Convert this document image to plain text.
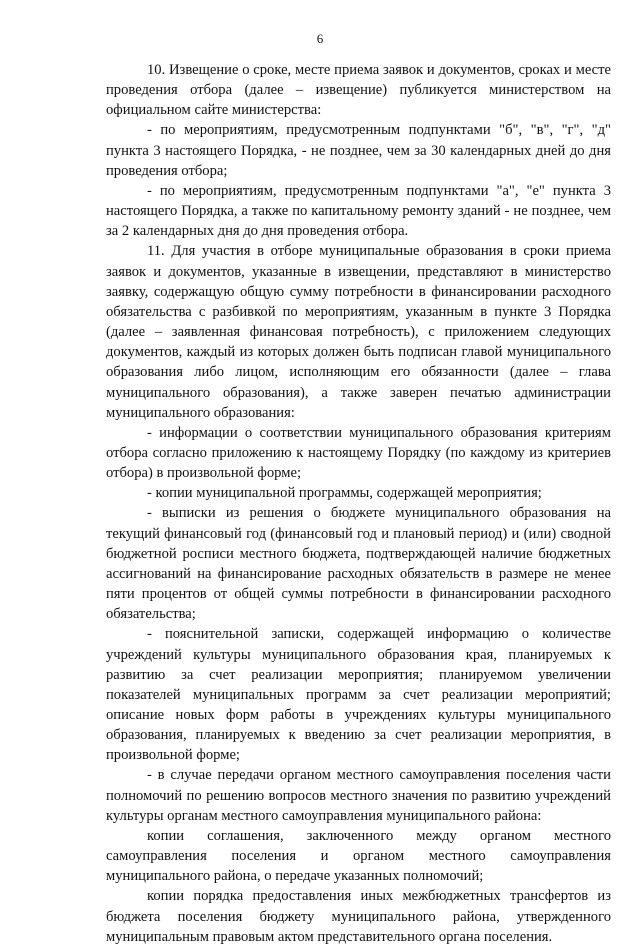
6

10. Извещение о сроке, месте приема заявок и документов, сроках и месте проведения отбора (далее – извещение) публикуется министерством на официальном сайте министерства:

- по мероприятиям, предусмотренным подпунктами "б", "в", "г", "д" пункта 3 настоящего Порядка, - не позднее, чем за 30 календарных дней до дня проведения отбора;

- по мероприятиям, предусмотренным подпунктами "а", "е" пункта 3 настоящего Порядка, а также по капитальному ремонту зданий - не позднее, чем за 2 календарных дня до дня проведения отбора.

11. Для участия в отборе муниципальные образования в сроки приема заявок и документов, указанные в извещении, представляют в министерство заявку, содержащую общую сумму потребности в финансировании расходного обязательства с разбивкой по мероприятиям, указанным в пункте 3 Порядка (далее – заявленная финансовая потребность), с приложением следующих документов, каждый из которых должен быть подписан главой муниципального образования либо лицом, исполняющим его обязанности (далее – глава муниципального образования), а также заверен печатью администрации муниципального образования:

- информации о соответствии муниципального образования критериям отбора согласно приложению к настоящему Порядку (по каждому из критериев отбора) в произвольной форме;

- копии муниципальной программы, содержащей мероприятия;

- выписки из решения о бюджете муниципального образования на текущий финансовый год (финансовый год и плановый период) и (или) сводной бюджетной росписи местного бюджета, подтверждающей наличие бюджетных ассигнований на финансирование расходных обязательств в размере не менее пяти процентов от общей суммы потребности в финансировании расходного обязательства;

- пояснительной записки, содержащей информацию о количестве учреждений культуры муниципального образования края, планируемых к развитию за счет реализации мероприятия; планируемом увеличении показателей муниципальных программ за счет реализации мероприятий; описание новых форм работы в учреждениях культуры муниципального образования, планируемых к введению за счет реализации мероприятия, в произвольной форме;

- в случае передачи органом местного самоуправления поселения части полномочий по решению вопросов местного значения по развитию учреждений культуры органам местного самоуправления муниципального района:

копии соглашения, заключенного между органом местного самоуправления поселения и органом местного самоуправления муниципального района, о передаче указанных полномочий;

копии порядка предоставления иных межбюджетных трансфертов из бюджета поселения бюджету муниципального района, утвержденного муниципальным правовым актом представительного органа поселения.
